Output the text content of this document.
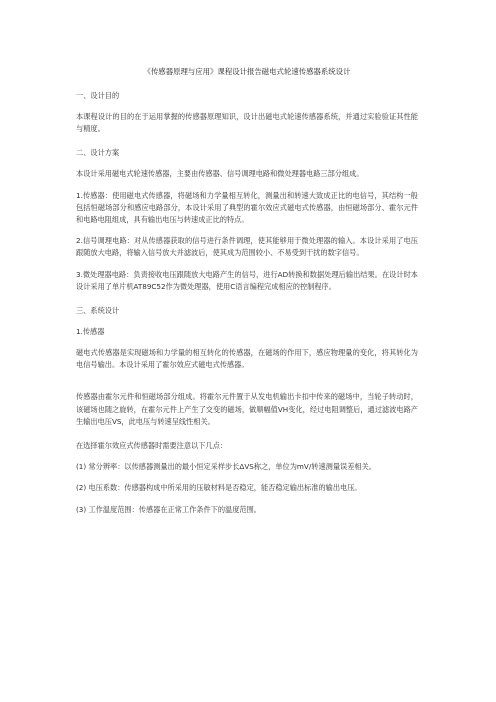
《传感器原理与应用》课程设计报告磁电式轮速传感器系统设计
一、设计目的
本课程设计的目的在于运用掌握的传感器原理知识，设计出磁电式轮速传感器系统，并通过实验验证其性能与精度。
二、设计方案
本设计采用磁电式轮速传感器，主要由传感器、信号调理电路和微处理器电路三部分组成。
1.传感器：使用磁电式传感器，将磁场和力学量相互转化，测量出和转速大致成正比的电信号，其结构一般包括恒磁场部分和感应电路部分，本设计采用了典型的霍尔效应式磁电式传感器，由恒磁场部分、霍尔元件和电路电阻组成，具有输出电压与转速成正比的特点。
2.信号调理电路：对从传感器获取的信号进行条件调理，使其能够用于微处理器的输入。本设计采用了电压跟随放大电路，将输入信号放大并滤波后，使其成为范围较小、不易受到干扰的数字信号。
3.微处理器电路：负责接收电压跟随放大电路产生的信号，进行AD转换和数据处理后输出结果。在设计时本设计采用了单片机AT89C52作为微处理器，使用C语言编程完成相应的控制程序。
三、系统设计
1.传感器
磁电式传感器是实现磁场和力学量的相互转化的传感器，在磁场的作用下，感应物理量的变化，将其转化为电信号输出。本设计采用了霍尔效应式磁电式传感器。
传感器由霍尔元件和恒磁场部分组成。将霍尔元件置于从发电机输出卡扣中传来的磁场中，当轮子转动时，该磁场也随之旋转，在霍尔元件上产生了交变的磁场，做顺幅值VH变化，经过电阻调整后，通过滤波电路产生输出电压VS，此电压与转速呈线性相关。
在选择霍尔效应式传感器时需要注意以下几点：
(1) 常分辨率：以传感器测量出的最小恒定采样步长ΔVS称之，单位为mV/转速测量误差相关。
(2) 电压系数：传感器构成中所采用的压敏材料是否稳定，能否稳定输出标准的输出电压。
(3) 工作温度范围：传感器在正常工作条件下的温度范围。
